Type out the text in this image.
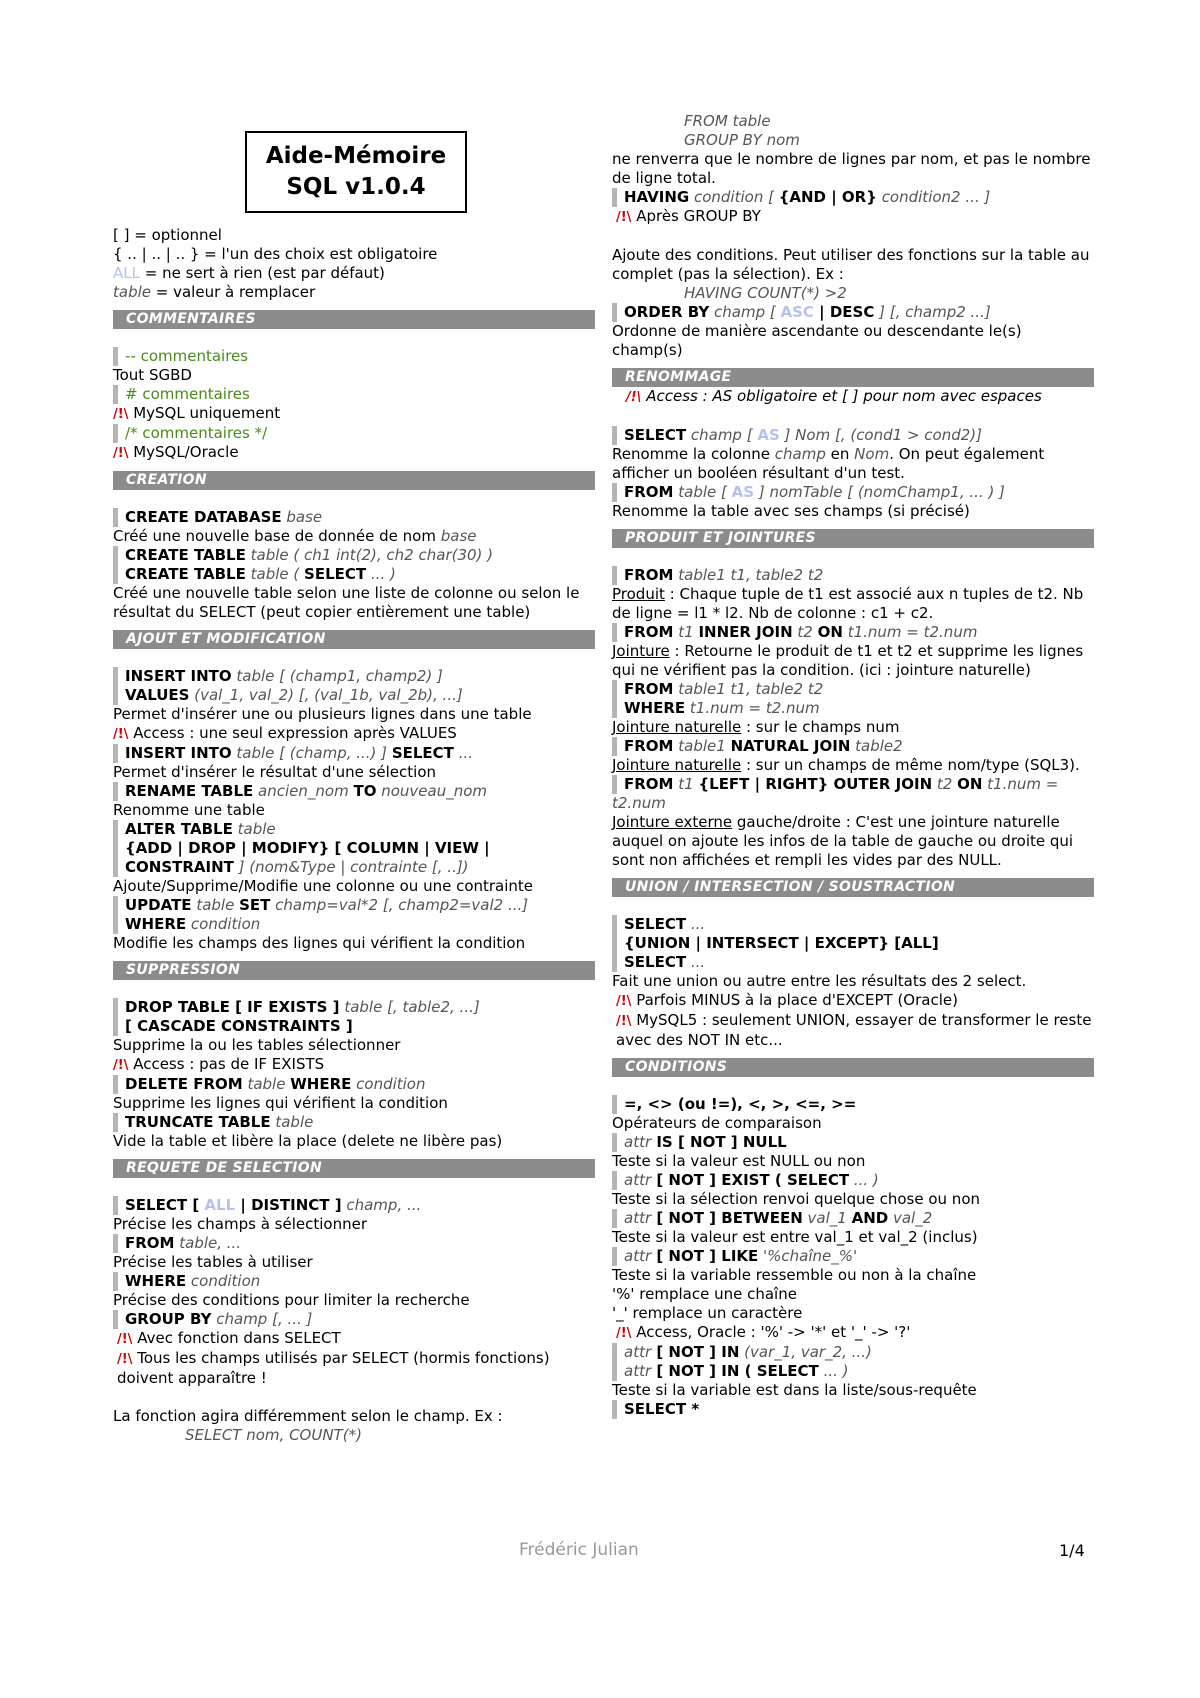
Aide-Mémoire
SQL v1.0.4
[ ] = optionnel
{ .. | .. | .. } = l'un des choix est obligatoire
ALL = ne sert à rien (est par défaut)
table = valeur à remplacer
COMMENTAIRES
-- commentaires
Tout SGBD
# commentaires
/!\ MySQL uniquement
/* commentaires */
/!\ MySQL/Oracle
CREATION
CREATE DATABASE base
Créé une nouvelle base de donnée de nom base
CREATE TABLE table ( ch1 int(2), ch2 char(30) )
CREATE TABLE table ( SELECT ... )
Créé une nouvelle table selon une liste de colonne ou selon le résultat du SELECT (peut copier entièrement une table)
AJOUT ET MODIFICATION
INSERT INTO table [ (champ1, champ2) ]
VALUES (val_1, val_2) [, (val_1b, val_2b), ...]
Permet d'insérer une ou plusieurs lignes dans une table
/!\ Access : une seul expression après VALUES
INSERT INTO table [ (champ, ...) ] SELECT ...
Permet d'insérer le résultat d'une sélection
RENAME TABLE ancien_nom TO nouveau_nom
Renomme une table
ALTER TABLE table
{ADD | DROP | MODIFY} [ COLUMN | VIEW |
CONSTRAINT ] (nom&Type | contrainte [, ..])
Ajoute/Supprime/Modifie une colonne ou une contrainte
UPDATE table SET champ=val*2 [, champ2=val2 ...]
WHERE condition
Modifie les champs des lignes qui vérifient la condition
SUPPRESSION
DROP TABLE [ IF EXISTS ] table [, table2, ...]
[ CASCADE CONSTRAINTS ]
Supprime la ou les tables sélectionner
/!\ Access : pas de IF EXISTS
DELETE FROM table WHERE condition
Supprime les lignes qui vérifient la condition
TRUNCATE TABLE table
Vide la table et libère la place (delete ne libère pas)
REQUETE DE SELECTION
SELECT [ ALL | DISTINCT ] champ, ...
Précise les champs à sélectionner
FROM table, ...
Précise les tables à utiliser
WHERE condition
Précise des conditions pour limiter la recherche
GROUP BY champ [, ... ]
/!\ Avec fonction dans SELECT
/!\ Tous les champs utilisés par SELECT (hormis fonctions) doivent apparaître !
La fonction agira différemment selon le champ. Ex :
SELECT nom, COUNT(*)
FROM table
GROUP BY nom
ne renverra que le nombre de lignes par nom, et pas le nombre de ligne total.
HAVING condition [ {AND | OR} condition2 ... ]
/!\ Après GROUP BY
Ajoute des conditions. Peut utiliser des fonctions sur la table au complet (pas la sélection). Ex :
HAVING COUNT(*) >2
ORDER BY champ [ ASC | DESC ] [, champ2 ...]
Ordonne de manière ascendante ou descendante le(s) champ(s)
RENOMMAGE
/!\ Access : AS obligatoire et [ ] pour nom avec espaces
SELECT champ [ AS ] Nom [, (cond1 > cond2)]
Renomme la colonne champ en Nom. On peut également afficher un booléen résultant d'un test.
FROM table [ AS ] nomTable [ (nomChamp1, ... ) ]
Renomme la table avec ses champs (si précisé)
PRODUIT ET JOINTURES
FROM table1 t1, table2 t2
Produit : Chaque tuple de t1 est associé aux n tuples de t2. Nb de ligne = l1 * l2. Nb de colonne : c1 + c2.
FROM t1 INNER JOIN t2 ON t1.num = t2.num
Jointure : Retourne le produit de t1 et t2 et supprime les lignes qui ne vérifient pas la condition. (ici : jointure naturelle)
FROM table1 t1, table2 t2
WHERE t1.num = t2.num
Jointure naturelle : sur le champs num
FROM table1 NATURAL JOIN table2
Jointure naturelle : sur un champs de même nom/type (SQL3).
FROM t1 {LEFT | RIGHT} OUTER JOIN t2 ON t1.num =
t2.num
Jointure externe gauche/droite : C'est une jointure naturelle auquel on ajoute les infos de la table de gauche ou droite qui sont non affichées et rempli les vides par des NULL.
UNION / INTERSECTION / SOUSTRACTION
SELECT ...
{UNION | INTERSECT | EXCEPT} [ALL]
SELECT ...
Fait une union ou autre entre les résultats des 2 select.
/!\ Parfois MINUS à la place d'EXCEPT (Oracle)
/!\ MySQL5 : seulement UNION, essayer de transformer le reste avec des NOT IN etc...
CONDITIONS
=, <> (ou !=), <, >, <=, >=
Opérateurs de comparaison
attr IS [ NOT ] NULL
Teste si la valeur est NULL ou non
attr [ NOT ] EXIST ( SELECT ... )
Teste si la sélection renvoi quelque chose ou non
attr [ NOT ] BETWEEN val_1 AND val_2
Teste si la valeur est entre val_1 et val_2 (inclus)
attr [ NOT ] LIKE '%chaîne_%'
Teste si la variable ressemble ou non à la chaîne
'%' remplace une chaîne
'_' remplace un caractère
/!\ Access, Oracle : '%' -> '*' et '_' -> '?'
attr [ NOT ] IN (var_1, var_2, ...)
attr [ NOT ] IN ( SELECT ... )
Teste si la variable est dans la liste/sous-requête
SELECT *
Frédéric Julian	1/4
